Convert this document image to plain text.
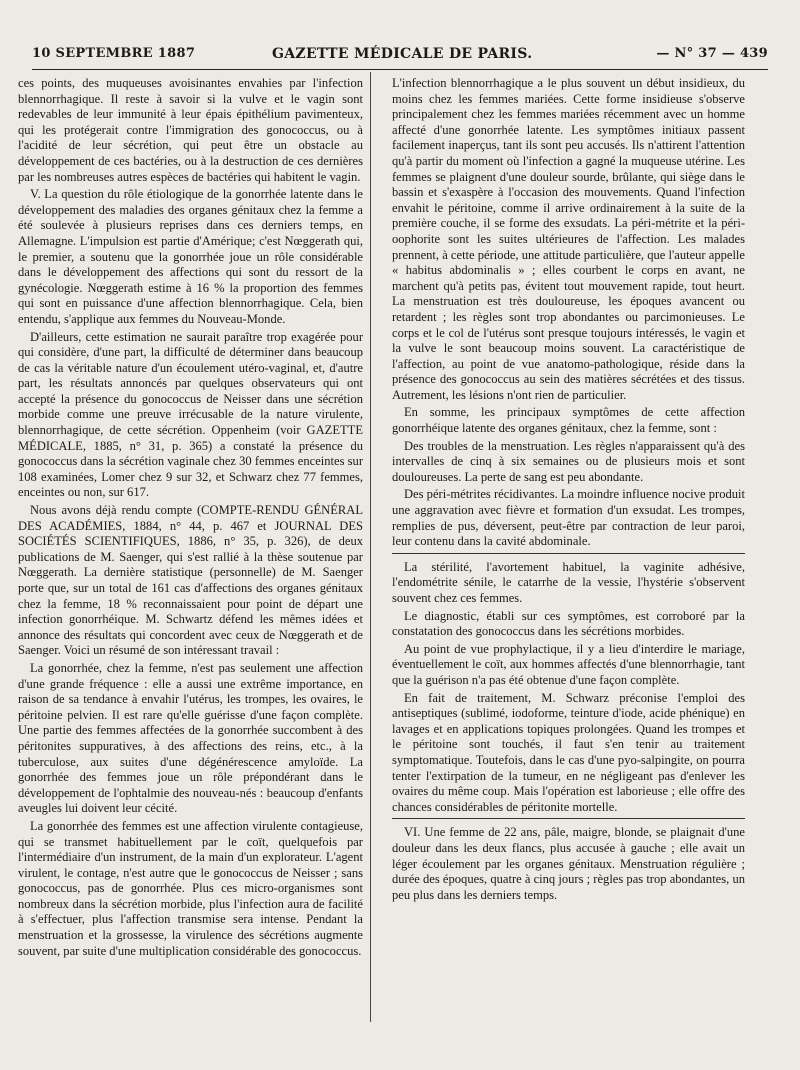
10 SEPTEMBRE 1887	GAZETTE MÉDICALE DE PARIS.	— N° 37 — 439

ces points, des muqueuses avoisinantes envahies par l'infection blennorrhagique. Il reste à savoir si la vulve et le vagin sont redevables de leur immunité à leur épais épithélium pavimenteux, qui les protégerait contre l'immigration des gonococcus, ou à l'acidité de leur sécrétion, qui peut être un obstacle au développement de ces bactéries, ou à la destruction de ces dernières par les nombreuses autres espèces de bactéries qui habitent le vagin.

V. La question du rôle étiologique de la gonorrhée latente dans le développement des maladies des organes génitaux chez la femme a été soulevée à plusieurs reprises dans ces derniers temps, en Allemagne. L'impulsion est partie d'Amérique; c'est Nœggerath qui, le premier, a soutenu que la gonorrhée joue un rôle considérable dans le développement des affections qui sont du ressort de la gynécologie. Nœggerath estime à 16 % la proportion des femmes qui sont en puissance d'une affection blennorrhagique. Cela, bien entendu, s'applique aux femmes du Nouveau-Monde.

D'ailleurs, cette estimation ne saurait paraître trop exagérée pour qui considère, d'une part, la difficulté de déterminer dans beaucoup de cas la véritable nature d'un écoulement utéro-vaginal, et, d'autre part, les résultats annoncés par quelques observateurs qui ont accepté la présence du gonococcus de Neisser dans une sécrétion morbide comme une preuve irrécusable de la nature virulente, blennorrhagique, de cette sécrétion. Oppenheim (voir GAZETTE MÉDICALE, 1885, n° 31, p. 365) a constaté la présence du gonococcus dans la sécrétion vaginale chez 30 femmes enceintes sur 108 examinées, Lomer chez 9 sur 32, et Schwarz chez 77 femmes, enceintes ou non, sur 617.

Nous avons déjà rendu compte (COMPTE-RENDU GÉNÉRAL DES ACADÉMIES, 1884, n° 44, p. 467 et JOURNAL DES SOCIÉTÉS SCIENTIFIQUES, 1886, n° 35, p. 326), de deux publications de M. Saenger, qui s'est rallié à la thèse soutenue par Nœggerath. La dernière statistique (personnelle) de M. Saenger porte que, sur un total de 161 cas d'affections des organes génitaux chez la femme, 18 % reconnaissaient pour point de départ une infection gonorrhéique. M. Schwartz défend les mêmes idées et annonce des résultats qui concordent avec ceux de Nœggerath et de Saenger. Voici un résumé de son intéressant travail :

La gonorrhée, chez la femme, n'est pas seulement une affection d'une grande fréquence : elle a aussi une extrême importance, en raison de sa tendance à envahir l'utérus, les trompes, les ovaires, le péritoine pelvien. Il est rare qu'elle guérisse d'une façon complète. Une partie des femmes affectées de la gonorrhée succombent à des péritonites suppuratives, à des affections des reins, etc., à la tuberculose, aux suites d'une dégénérescence amyloïde. La gonorrhée des femmes joue un rôle prépondérant dans le développement de l'ophtalmie des nouveau-nés : beaucoup d'enfants aveugles lui doivent leur cécité.

La gonorrhée des femmes est une affection virulente contagieuse, qui se transmet habituellement par le coït, quelquefois par l'intermédiaire d'un instrument, de la main d'un explorateur. L'agent virulent, le contage, n'est autre que le gonococcus de Neisser ; sans gonococcus, pas de gonorrhée. Plus ces micro-organismes sont nombreux dans la sécrétion morbide, plus l'infection aura de facilité à s'effectuer, plus l'affection transmise sera intense. Pendant la menstruation et la grossesse, la virulence des sécrétions augmente souvent, par suite d'une multiplication considérable des gonococcus.

L'infection blennorrhagique a le plus souvent un début insidieux, du moins chez les femmes mariées. Cette forme insidieuse s'observe principalement chez les femmes mariées récemment avec un homme affecté d'une gonorrhée latente. Les symptômes initiaux passent facilement inaperçus, tant ils sont peu accusés. Ils n'attirent l'attention qu'à partir du moment où l'infection a gagné la muqueuse utérine. Les femmes se plaignent d'une douleur sourde, brûlante, qui siège dans le bassin et s'exaspère à l'occasion des mouvements. Quand l'infection envahit le péritoine, comme il arrive ordinairement à la suite de la première couche, il se forme des exsudats. La péri-métrite et la péri-oophorite sont les suites ultérieures de l'affection. Les malades prennent, à cette période, une attitude particulière, que l'auteur appelle « habitus abdominalis » ; elles courbent le corps en avant, ne marchent qu'à petits pas, évitent tout mouvement rapide, tout heurt. La menstruation est très douloureuse, les époques avancent ou retardent ; les règles sont trop abondantes ou parcimonieuses. Le corps et le col de l'utérus sont presque toujours intéressés, le vagin et la vulve le sont beaucoup moins souvent. La caractéristique de l'affection, au point de vue anatomo-pathologique, réside dans la présence des gonococcus au sein des matières sécrétées et des tissus. Autrement, les lésions n'ont rien de particulier.

En somme, les principaux symptômes de cette affection gonorrhéique latente des organes génitaux, chez la femme, sont :

Des troubles de la menstruation. Les règles n'apparaissent qu'à des intervalles de cinq à six semaines ou de plusieurs mois et sont douloureuses. La perte de sang est peu abondante.

Des péri-métrites récidivantes. La moindre influence nocive produit une aggravation avec fièvre et formation d'un exsudat. Les trompes, remplies de pus, déversent, peut-être par contraction de leur paroi, leur contenu dans la cavité abdominale.

La stérilité, l'avortement habituel, la vaginite adhésive, l'endométrite sénile, le catarrhe de la vessie, l'hystérie s'observent souvent chez ces femmes.

Le diagnostic, établi sur ces symptômes, est corroboré par la constatation des gonococcus dans les sécrétions morbides.

Au point de vue prophylactique, il y a lieu d'interdire le mariage, éventuellement le coït, aux hommes affectés d'une blennorrhagie, tant que la guérison n'a pas été obtenue d'une façon complète.

En fait de traitement, M. Schwarz préconise l'emploi des antiseptiques (sublimé, iodoforme, teinture d'iode, acide phénique) en lavages et en applications topiques prolongées. Quand les trompes et le péritoine sont touchés, il faut s'en tenir au traitement symptomatique. Toutefois, dans le cas d'une pyo-salpingite, on pourra tenter l'extirpation de la tumeur, en ne négligeant pas d'enlever les ovaires du même coup. Mais l'opération est laborieuse ; elle offre des chances considérables de péritonite mortelle.

VI. Une femme de 22 ans, pâle, maigre, blonde, se plaignait d'une douleur dans les deux flancs, plus accusée à gauche ; elle avait un léger écoulement par les organes génitaux. Menstruation régulière ; durée des époques, quatre à cinq jours ; règles pas trop abondantes, un peu plus dans les derniers temps.
